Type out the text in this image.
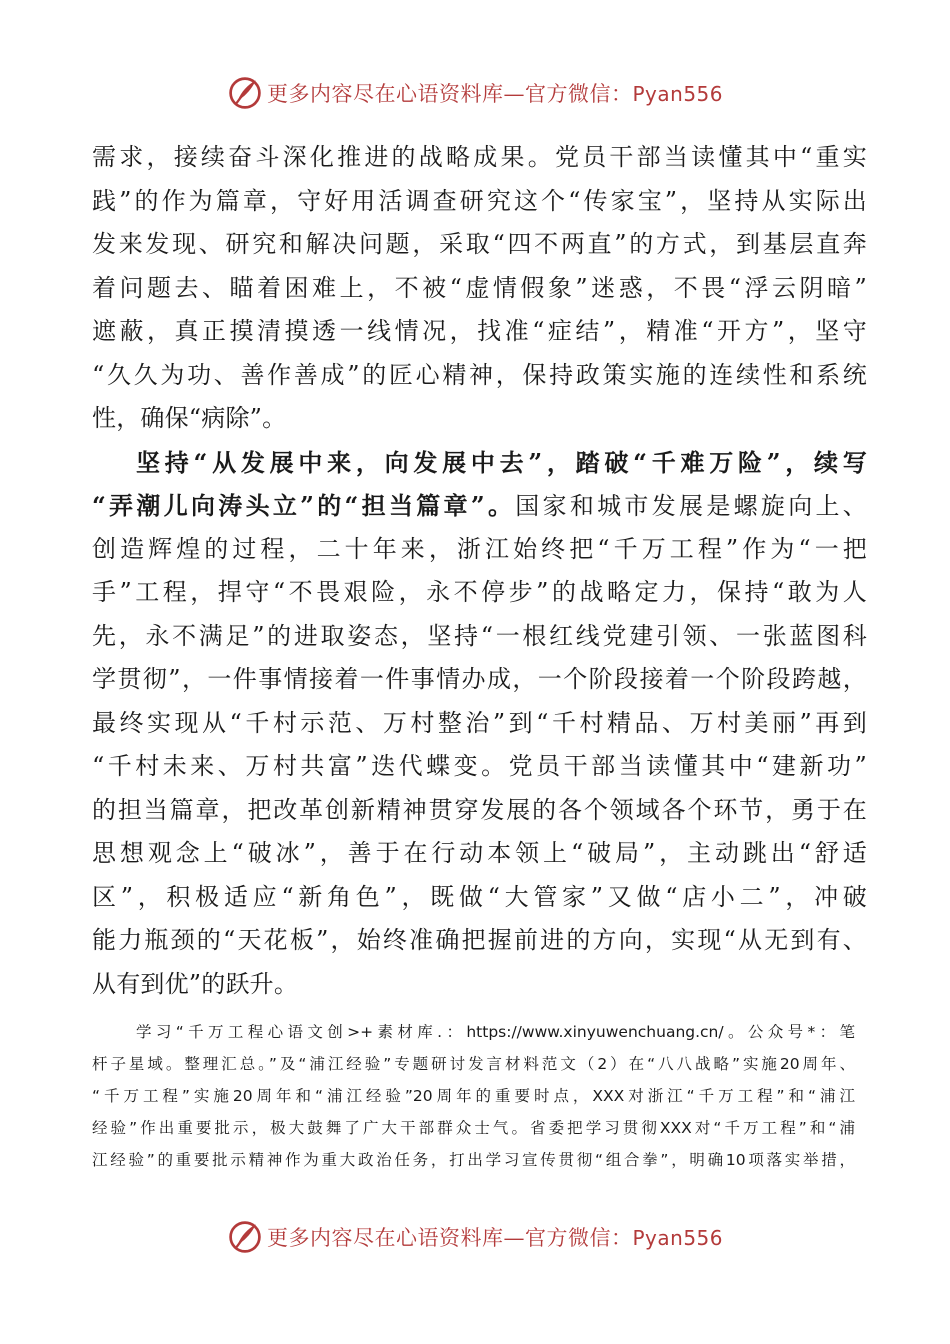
更多内容尽在心语资料库—官方微信：Pyan556
需求，接续奋斗深化推进的战略成果。党员干部当读懂其中“重实
践”的作为篇章，守好用活调查研究这个“传家宝”，坚持从实际出
发来发现、研究和解决问题，采取“四不两直”的方式，到基层直奔
着问题去、瞄着困难上，不被“虚情假象”迷惑，不畏“浮云阴暗”
遮蔽，真正摸清摸透一线情况，找准“症结”，精准“开方”，坚守
“久久为功、善作善成”的匠心精神，保持政策实施的连续性和系统
性，确保“病除”。
坚持“从发展中来，向发展中去”，踏破“千难万险”，续写
“弄潮儿向涛头立”的“担当篇章”。国家和城市发展是螺旋向上、
创造辉煌的过程，二十年来，浙江始终把“千万工程”作为“一把
手”工程，捍守“不畏艰险，永不停步”的战略定力，保持“敢为人
先，永不满足”的进取姿态，坚持“一根红线党建引领、一张蓝图科
学贯彻”，一件事情接着一件事情办成，一个阶段接着一个阶段跨越，
最终实现从“千村示范、万村整治”到“千村精品、万村美丽”再到
“千村未来、万村共富”迭代蝶变。党员干部当读懂其中“建新功”
的担当篇章，把改革创新精神贯穿发展的各个领域各个环节，勇于在
思想观念上“破冰”，善于在行动本领上“破局”，主动跳出“舒适
区”，积极适应“新角色”，既做“大管家”又做“店小二”，冲破
能力瓶颈的“天花板”，始终准确把握前进的方向，实现“从无到有、
从有到优”的跃升。
学习“千万工程心语文创>+素材库.：https://www.xinyuwenchuang.cn/。公众号*：笔
杆子星域。整理汇总。”及“浦江经验”专题研讨发言材料范文（2）在“八八战略”实施20周年、
“千万工程”实施20周年和“浦江经验”20周年的重要时点，XXX对浙江“千万工程”和“浦江
经验”作出重要批示，极大鼓舞了广大干部群众士气。省委把学习贯彻XXX对“千万工程”和“浦
江经验”的重要批示精神作为重大政治任务，打出学习宣传贯彻“组合拳”，明确10项落实举措，
更多内容尽在心语资料库—官方微信：Pyan556
